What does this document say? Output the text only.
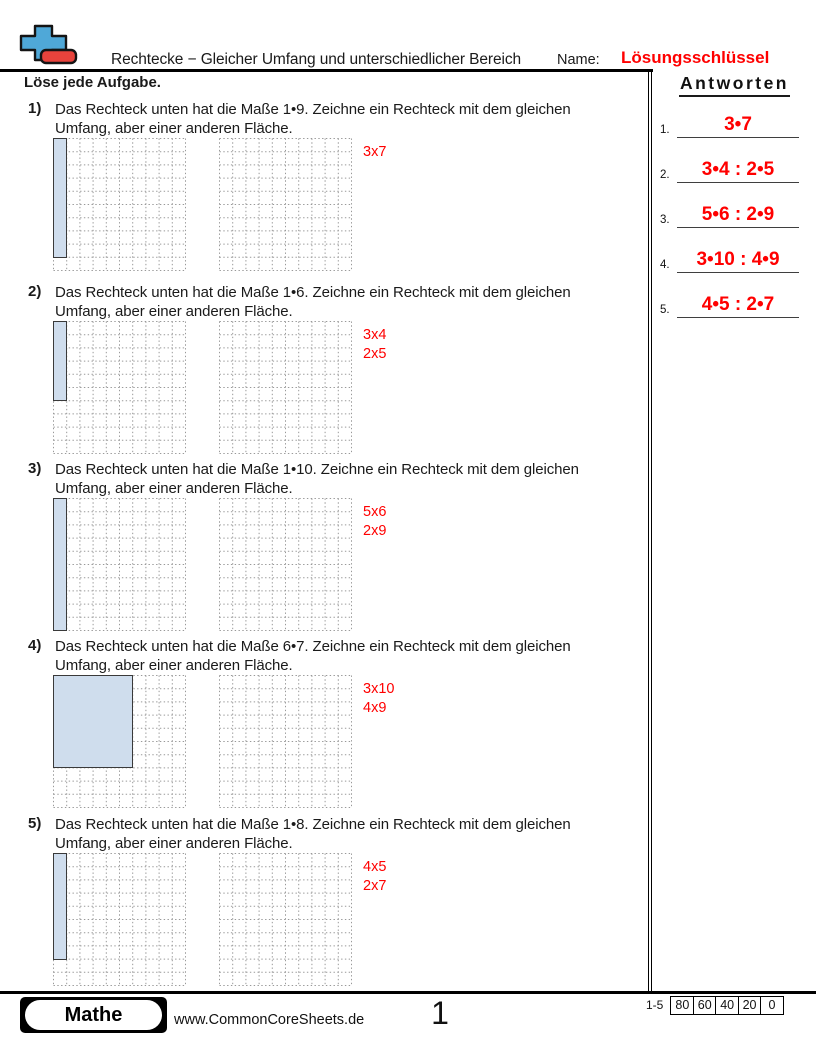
Rechtecke − Gleicher Umfang und unterschiedlicher Bereich Name: Lösungsschlüssel
Löse jede Aufgabe.	Antworten
1.	3•7
2. 3•4 : 2•5
3. 5•6 : 2•9
4. 3•10 : 4•9
5. 4•5 : 2•7
1) Das Rechteck unten hat die Maße 1•9. Zeichne ein Rechteck mit dem gleichen
Umfang, aber einer anderen Fläche.
3x7
2) Das Rechteck unten hat die Maße 1•6. Zeichne ein Rechteck mit dem gleichen
Umfang, aber einer anderen Fläche.
3x4
2x5
3) Das Rechteck unten hat die Maße 1•10. Zeichne ein Rechteck mit dem gleichen
Umfang, aber einer anderen Fläche.
5x6
2x9
4) Das Rechteck unten hat die Maße 6•7. Zeichne ein Rechteck mit dem gleichen
Umfang, aber einer anderen Fläche.
3x10
4x9
5) Das Rechteck unten hat die Maße 1•8. Zeichne ein Rechteck mit dem gleichen
Umfang, aber einer anderen Fläche.
4x5
2x7
Mathe	www.CommonCoreSheets.de	1	1-5 80 60 40 20 0
